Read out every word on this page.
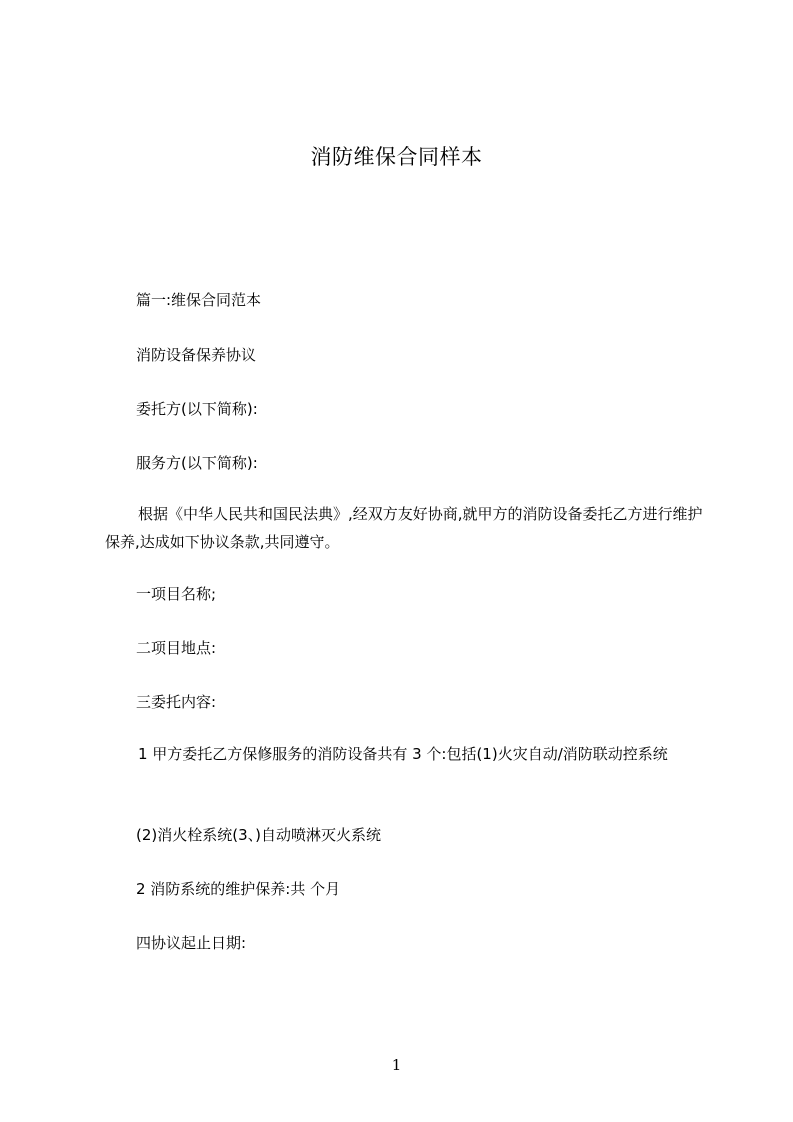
消防维保合同样本
篇一:维保合同范本
消防设备保养协议
委托方(以下简称):
服务方(以下简称):
根据《中华人民共和国民法典》,经双方友好协商,就甲方的消防设备委托乙方进行维护保养,达成如下协议条款,共同遵守。
一项目名称;
二项目地点:
三委托内容:
1 甲方委托乙方保修服务的消防设备共有 3 个:包括(1)火灾自动/消防联动控系统
(2)消火栓系统(3、)自动喷淋灭火系统
2 消防系统的维护保养:共 个月
四协议起止日期:
1
